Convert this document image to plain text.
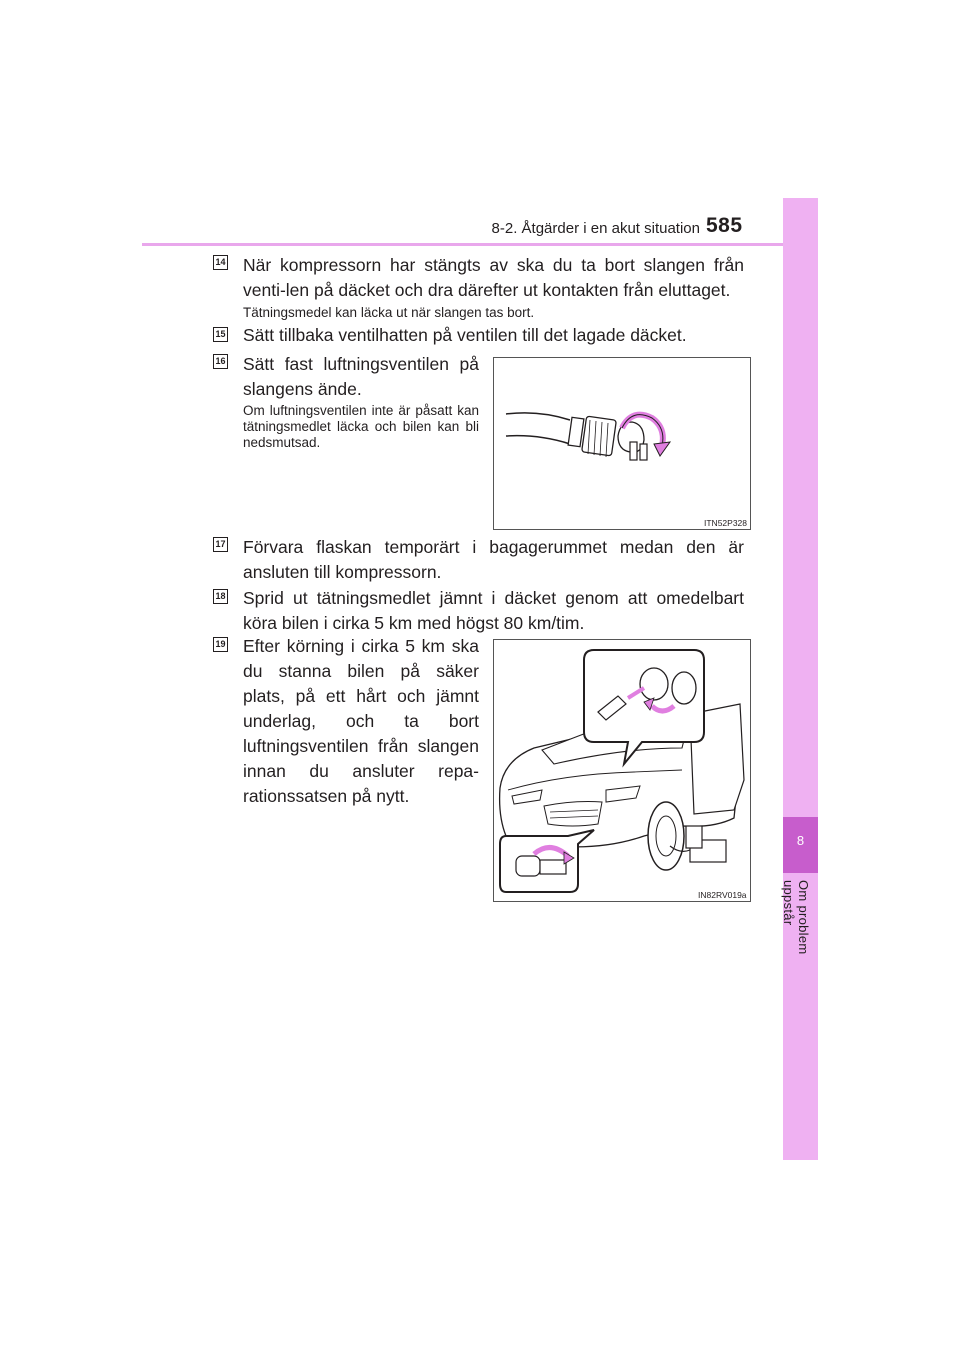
8-2. Åtgärder i en akut situation 585
8
Om problem uppstår
14 När kompressorn har stängts av ska du ta bort slangen från venti-len på däcket och dra därefter ut kontakten från eluttaget.
Tätningsmedel kan läcka ut när slangen tas bort.
15 Sätt tillbaka ventilhatten på ventilen till det lagade däcket.
16 Sätt fast luftningsventilen på slangens ände.
Om luftningsventilen inte är påsatt kan tätningsmedlet läcka och bilen kan bli nedsmutsad.
ITN52P328
17 Förvara flaskan temporärt i bagagerummet medan den är ansluten till kompressorn.
18 Sprid ut tätningsmedlet jämnt i däcket genom att omedelbart köra bilen i cirka 5 km med högst 80 km/tim.
19 Efter körning i cirka 5 km ska du stanna bilen på säker plats, på ett hårt och jämnt underlag, och ta bort luftningsventilen från slangen innan du ansluter repa-rationssatsen på nytt.
IN82RV019a
